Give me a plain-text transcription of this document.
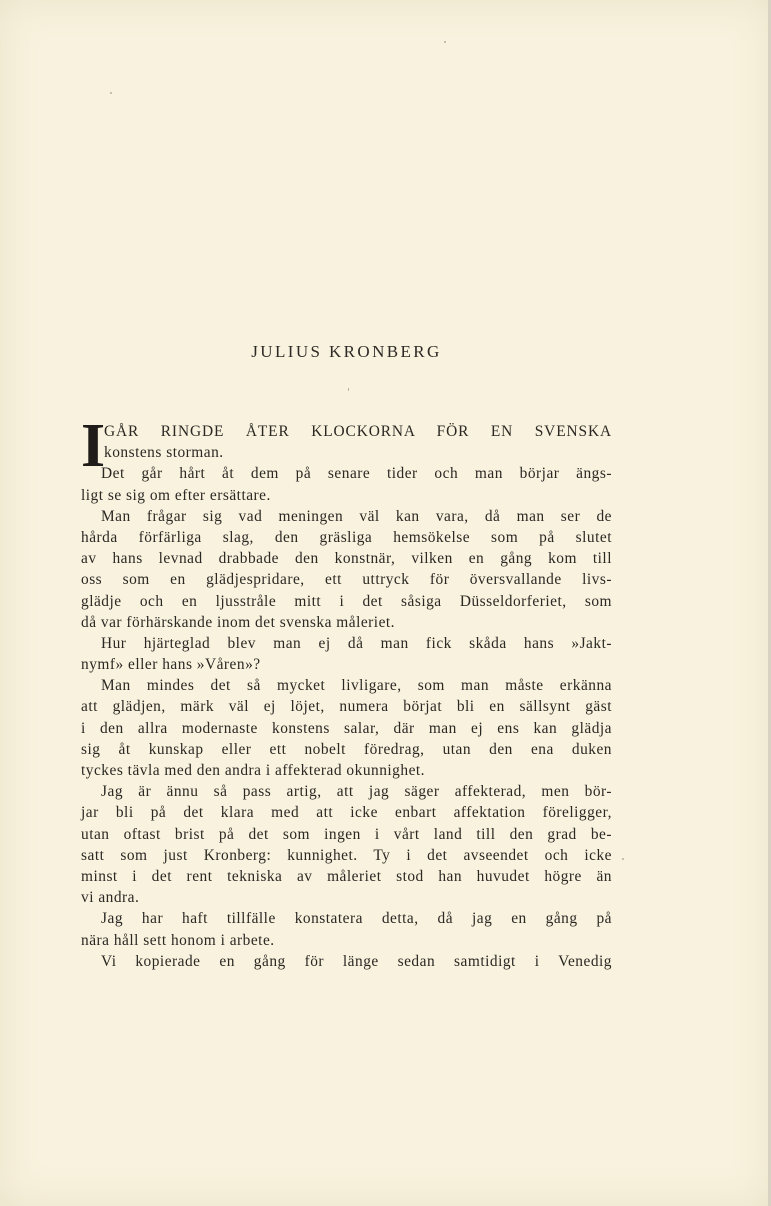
JULIUS KRONBERG
I
GÅR RINGDE ÅTER KLOCKORNA FÖR EN SVENSKA
konstens storman.
Det går hårt åt dem på senare tider och man börjar ängs-
ligt se sig om efter ersättare.
Man frågar sig vad meningen väl kan vara, då man ser de
hårda förfärliga slag, den gräsliga hemsökelse som på slutet
av hans levnad drabbade den konstnär, vilken en gång kom till
oss som en glädjespridare, ett uttryck för översvallande livs-
glädje och en ljusstråle mitt i det såsiga Düsseldorferiet, som
då var förhärskande inom det svenska måleriet.
Hur hjärteglad blev man ej då man fick skåda hans »Jakt-
nymf» eller hans »Våren»?
Man mindes det så mycket livligare, som man måste erkänna
att glädjen, märk väl ej löjet, numera börjat bli en sällsynt gäst
i den allra modernaste konstens salar, där man ej ens kan glädja
sig åt kunskap eller ett nobelt föredrag, utan den ena duken
tyckes tävla med den andra i affekterad okunnighet.
Jag är ännu så pass artig, att jag säger affekterad, men bör-
jar bli på det klara med att icke enbart affektation föreligger,
utan oftast brist på det som ingen i vårt land till den grad be-
satt som just Kronberg: kunnighet. Ty i det avseendet och icke
minst i det rent tekniska av måleriet stod han huvudet högre än
vi andra.
Jag har haft tillfälle konstatera detta, då jag en gång på
nära håll sett honom i arbete.
Vi kopierade en gång för länge sedan samtidigt i Venedig
